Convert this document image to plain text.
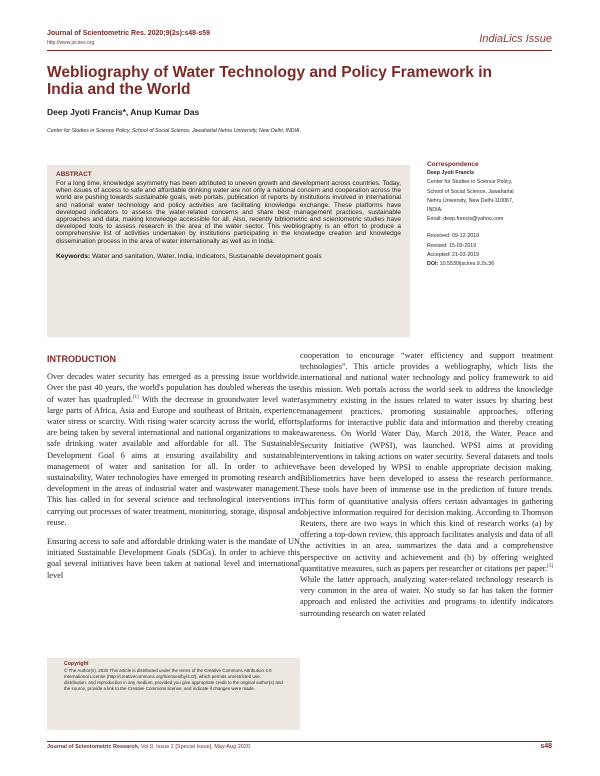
Journal of Scientometric Res. 2020;9(2s):s48-s59
http://www.jscires.org	IndiaLics Issue
Webliography of Water Technology and Policy Framework in India and the World
Deep Jyoti Francis*, Anup Kumar Das
Center for Studies in Science Policy, School of Social Science, Jawaharlal Nehru University, New Delhi, INDIA.
ABSTRACT
For a long time, knowledge asymmetry has been attributed to uneven growth and development across countries. Today, when issues of access to safe and affordable drinking water are not only a national concern and cooperation across the world are pushing towards sustainable goals, web portals, publication of reports by institutions involved in international and national water technology and policy activities are facilitating knowledge exchange. These platforms have developed indicators to assess the water-related concerns and share best management practices, sustainable approaches and data, making knowledge accessible for all. Also, recently bibliometric and scientometric studies have developed tools to assess research in the area of the water sector. This webliography is an effort to produce a comprehensive list of activities undertaken by institutions participating in the knowledge creation and knowledge dissemination process in the area of water internationally as well as in India.
Keywords: Water and sanitation, Water, India, Indicators, Sustainable development goals
Correspondence
Deep Jyoti Francis
Center for Studies in Science Policy,
School of Social Science, Jawaharlal
Nehru University, New Delhi-110067,
INDIA.
Email: deep.francis@yahoo.com
Received: 09-12-2018
Revised: 15-03-2019
Accepted: 21-03-2019
DOI: 10.5530/jscires.9.2s.36
INTRODUCTION

Over decades water security has emerged as a pressing issue worldwide. Over the past 40 years, the world's population has doubled whereas the use of water has quadrupled.[1] With the decrease in groundwater level water large parts of Africa, Asia and Europe and southeast of Britain, experience water stress or scarcity. With rising water scarcity across the world, efforts are being taken by several international and national organizations to make safe drinking water available and affordable for all. The Sustainable Development Goal 6 aims at ensuring availability and sustainable management of water and sanitation for all. In order to achieve sustainability, Water technologies have emerged in promoting research and development in the areas of industrial water and wastewater management. This has called in for several science and technological interventions in carrying out processes of water treatment, monitoring, storage, disposal and reuse.

Ensuring access to safe and affordable drinking water is the mandate of UN initiated Sustainable Development Goals (SDGs). In order to achieve this goal several initiatives have been taken at national level and international level

Copyright
© The Author(s). 2020 This article is distributed under the terms of the Creative Commons Attribution 4.0 International License (http://creativecommons.org/licenses/by/4.0/), which permits unrestricted use, distribution, and reproduction in any medium, provided you give appropriate credit to the original author(s) and the source, provide a link to the Creative Commons license, and indicate if changes were made.

cooperation to encourage “water efficiency and support treatment technologies”. This article provides a webliography, which lists the international and national water technology and policy framework to aid this mission. Web portals across the world seek to address the knowledge asymmetry existing in the issues related to water issues by sharing best management practices, promoting sustainable approaches, offering platforms for interactive public data and information and thereby creating awareness. On World Water Day, March 2018, the Water, Peace and Security Initiative (WPSI), was launched. WPSI aims at providing interventions in taking actions on water security. Several datasets and tools have been developed by WPSI to enable appropriate decision making. Bibliometrics have been developed to assess the research performance. These tools have been of immense use in the prediction of future trends. This form of quantitative analysis offers certain advantages in gathering objective information required for decision making. According to Thomson Reuters, there are two ways in which this kind of research works (a) by offering a top-down review, this approach facilitates analysis and data of all the activities in an area, summarizes the data and a comprehensive perspective on activity and achievement and (b) by offering weighted quantitative measures, such as papers per researcher or citations per paper.[2] While the latter approach, analyzing water-related technology research is very common in the area of water. No study so far has taken the former approach and enlisted the activities and programs to identify indicators surrounding research on water related

Journal of Scientometric Research, Vol 9, Issue 2 [Special Issue], May-Aug 2020	s48
